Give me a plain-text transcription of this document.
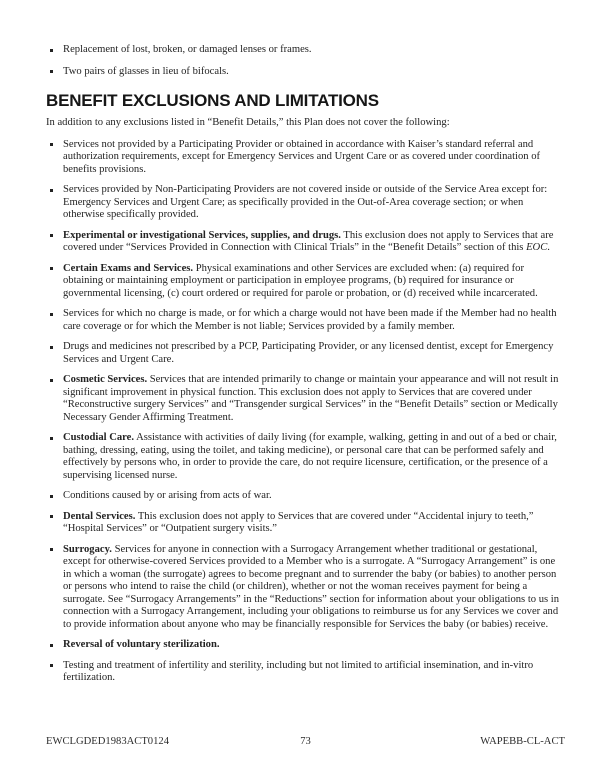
Replacement of lost, broken, or damaged lenses or frames.
Two pairs of glasses in lieu of bifocals.
BENEFIT EXCLUSIONS AND LIMITATIONS

In addition to any exclusions listed in “Benefit Details,” this Plan does not cover the following:

Services not provided by a Participating Provider or obtained in accordance with Kaiser’s standard referral and authorization requirements, except for Emergency Services and Urgent Care or as covered under coordination of benefits provisions.
Services provided by Non-Participating Providers are not covered inside or outside of the Service Area except for: Emergency Services and Urgent Care; as specifically provided in the Out-of-Area coverage section; or when otherwise specifically provided.
Experimental or investigational Services, supplies, and drugs. This exclusion does not apply to Services that are covered under “Services Provided in Connection with Clinical Trials” in the “Benefit Details” section of this EOC.
Certain Exams and Services. Physical examinations and other Services are excluded when: (a) required for obtaining or maintaining employment or participation in employee programs, (b) required for insurance or governmental licensing, (c) court ordered or required for parole or probation, or (d) received while incarcerated.
Services for which no charge is made, or for which a charge would not have been made if the Member had no health care coverage or for which the Member is not liable; Services provided by a family member.
Drugs and medicines not prescribed by a PCP, Participating Provider, or any licensed dentist, except for Emergency Services and Urgent Care.
Cosmetic Services. Services that are intended primarily to change or maintain your appearance and will not result in significant improvement in physical function. This exclusion does not apply to Services that are covered under “Reconstructive surgery Services” and “Transgender surgical Services” in the “Benefit Details” section or Medically Necessary Gender Affirming Treatment.
Custodial Care. Assistance with activities of daily living (for example, walking, getting in and out of a bed or chair, bathing, dressing, eating, using the toilet, and taking medicine), or personal care that can be performed safely and effectively by persons who, in order to provide the care, do not require licensure, certification, or the presence of a supervising licensed nurse.
Conditions caused by or arising from acts of war.
Dental Services. This exclusion does not apply to Services that are covered under “Accidental injury to teeth,” “Hospital Services” or “Outpatient surgery visits.”
Surrogacy. Services for anyone in connection with a Surrogacy Arrangement whether traditional or gestational, except for otherwise-covered Services provided to a Member who is a surrogate. A “Surrogacy Arrangement” is one in which a woman (the surrogate) agrees to become pregnant and to surrender the baby (or babies) to another person or persons who intend to raise the child (or children), whether or not the woman receives payment for being a surrogate. See “Surrogacy Arrangements” in the “Reductions” section for information about your obligations to us in connection with a Surrogacy Arrangement, including your obligations to reimburse us for any Services we cover and to provide information about anyone who may be financially responsible for Services the baby (or babies) receive.
Reversal of voluntary sterilization.
Testing and treatment of infertility and sterility, including but not limited to artificial insemination, and in-vitro fertilization.
EWCLGDED1983ACT0124	73	WAPEBB-CL-ACT
